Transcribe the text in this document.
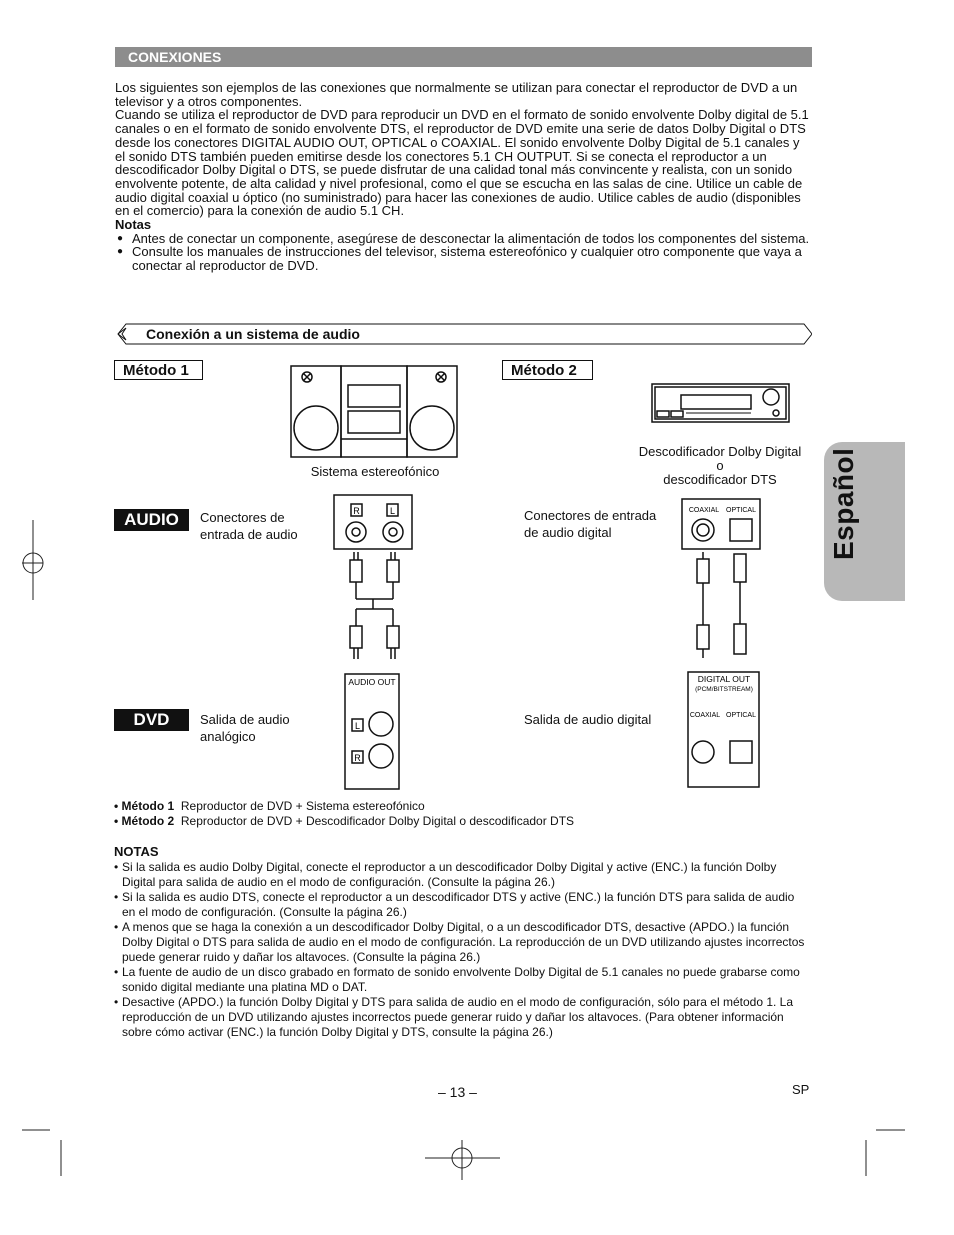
CONEXIONES

Los siguientes son ejemplos de las conexiones que normalmente se utilizan para conectar el reproductor de DVD a un televisor y a otros componentes.

Cuando se utiliza el reproductor de DVD para reproducir un DVD en el formato de sonido envolvente Dolby digital de 5.1 canales o en el formato de sonido envolvente DTS, el reproductor de DVD emite una serie de datos Dolby Digital o DTS desde los conectores DIGITAL AUDIO OUT, OPTICAL o COAXIAL. El sonido envolvente Dolby Digital de 5.1 canales y el sonido DTS también pueden emitirse desde los conectores 5.1 CH OUTPUT. Si se conecta el reproductor a un descodificador Dolby Digital o DTS, se puede disfrutar de una calidad tonal más convincente y realista, con un sonido envolvente potente, de alta calidad y nivel profesional, como el que se escucha en las salas de cine. Utilice un cable de audio digital coaxial u óptico (no suministrado) para hacer las conexiones de audio. Utilice cables de audio (disponibles en el comercio) para la conexión de audio 5.1 CH.

Notas

● Antes de conectar un componente, asegúrese de desconectar la alimentación de todos los componentes del sistema.

● Consulte los manuales de instrucciones del televisor, sistema estereofónico y cualquier otro componente que vaya a conectar al reproductor de DVD.

Conexión a un sistema de audio
Método 1	Método 2
Sistema estereofónico
Descodificador Dolby Digital
o
descodificador DTS
AUDIO
DVD
Conectores de
entrada de audio
Conectores de entrada
de audio digital
Salida de audio
analógico
Salida de audio digital
R	L
AUDIO OUT
L
R
COAXIAL OPTICAL
DIGITAL OUT
(PCM/BITSTREAM)
COAXIAL OPTICAL
• Método 1 Reproductor de DVD + Sistema estereofónico
• Método 2 Reproductor de DVD + Descodificador Dolby Digital o descodificador DTS
NOTAS
• Si la salida es audio Dolby Digital, conecte el reproductor a un descodificador Dolby Digital y active (ENC.) la función Dolby Digital para salida de audio en el modo de configuración. (Consulte la página 26.)
• Si la salida es audio DTS, conecte el reproductor a un descodificador DTS y active (ENC.) la función DTS para salida de audio en el modo de configuración. (Consulte la página 26.)
• A menos que se haga la conexión a un descodificador Dolby Digital, o a un descodificador DTS, desactive (APDO.) la función Dolby Digital o DTS para salida de audio en el modo de configuración. La reproducción de un DVD utilizando ajustes incorrectos puede generar ruido y dañar los altavoces. (Consulte la página 26.)
• La fuente de audio de un disco grabado en formato de sonido envolvente Dolby Digital de 5.1 canales no puede grabarse como sonido digital mediante una platina MD o DAT.
• Desactive (APDO.) la función Dolby Digital y DTS para salida de audio en el modo de configuración, sólo para el método 1. La reproducción de un DVD utilizando ajustes incorrectos puede generar ruido y dañar los altavoces. (Para obtener información sobre cómo activar (ENC.) la función Dolby Digital y DTS, consulte la página 26.)
– 13 –	SP
Español
